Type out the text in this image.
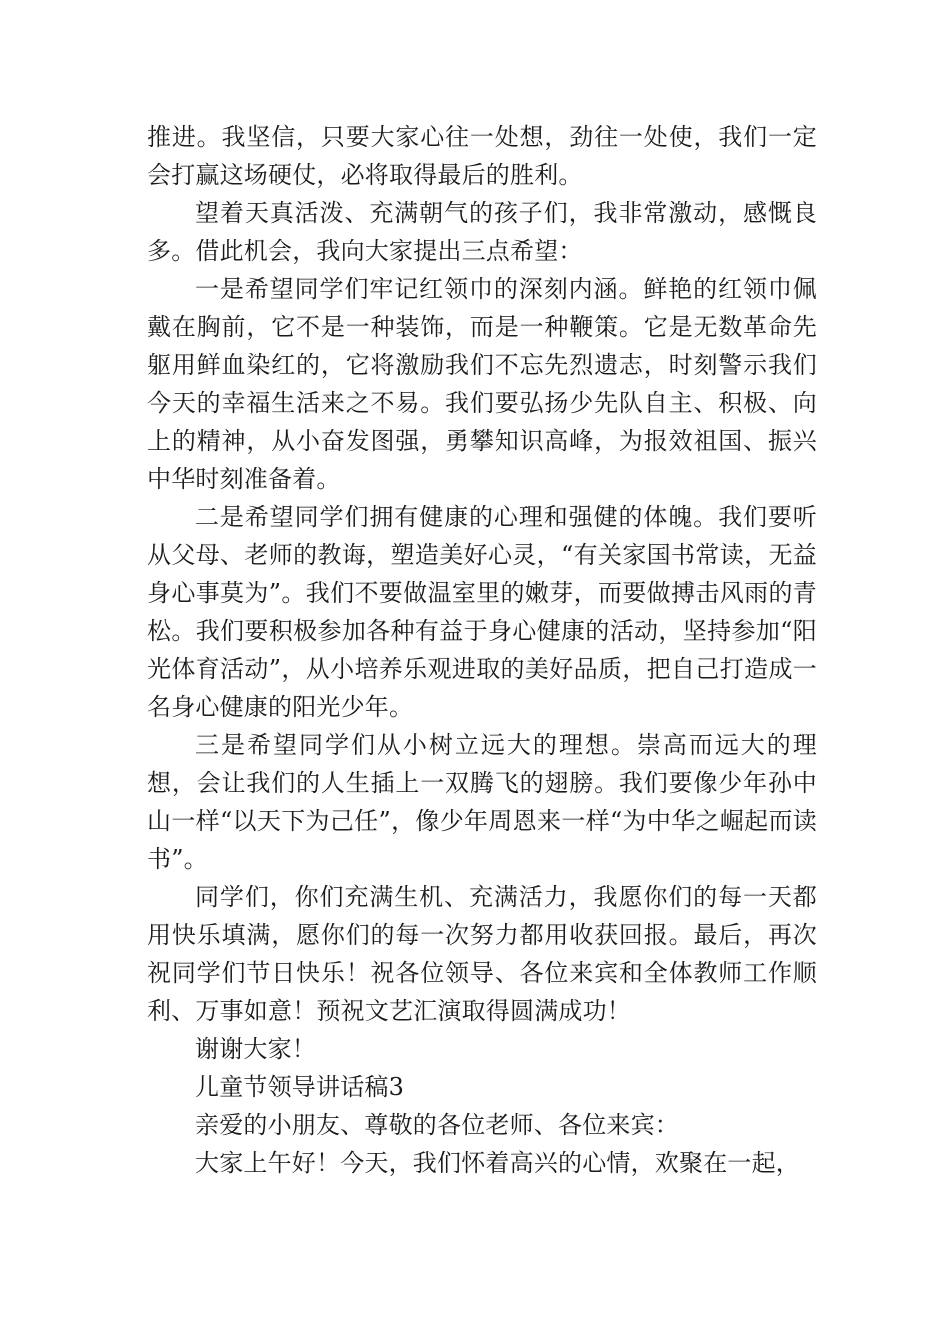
推进。我坚信，只要大家心往一处想，劲往一处使，我们一定会打赢这场硬仗，必将取得最后的胜利。

望着天真活泼、充满朝气的孩子们，我非常激动，感慨良多。借此机会，我向大家提出三点希望：

一是希望同学们牢记红领巾的深刻内涵。鲜艳的红领巾佩戴在胸前，它不是一种装饰，而是一种鞭策。它是无数革命先躯用鲜血染红的，它将激励我们不忘先烈遗志，时刻警示我们今天的幸福生活来之不易。我们要弘扬少先队自主、积极、向上的精神，从小奋发图强，勇攀知识高峰，为报效祖国、振兴中华时刻准备着。

二是希望同学们拥有健康的心理和强健的体魄。我们要听从父母、老师的教诲，塑造美好心灵，“有关家国书常读，无益身心事莫为”。我们不要做温室里的嫩芽，而要做搏击风雨的青松。我们要积极参加各种有益于身心健康的活动，坚持参加“阳光体育活动”，从小培养乐观进取的美好品质，把自己打造成一名身心健康的阳光少年。

三是希望同学们从小树立远大的理想。崇高而远大的理想，会让我们的人生插上一双腾飞的翅膀。我们要像少年孙中山一样“以天下为己任”，像少年周恩来一样“为中华之崛起而读书”。

同学们，你们充满生机、充满活力，我愿你们的每一天都用快乐填满，愿你们的每一次努力都用收获回报。最后，再次祝同学们节日快乐！祝各位领导、各位来宾和全体教师工作顺利、万事如意！预祝文艺汇演取得圆满成功！

谢谢大家！

儿童节领导讲话稿3

亲爱的小朋友、尊敬的各位老师、各位来宾：

大家上午好！今天，我们怀着高兴的心情，欢聚在一起，
